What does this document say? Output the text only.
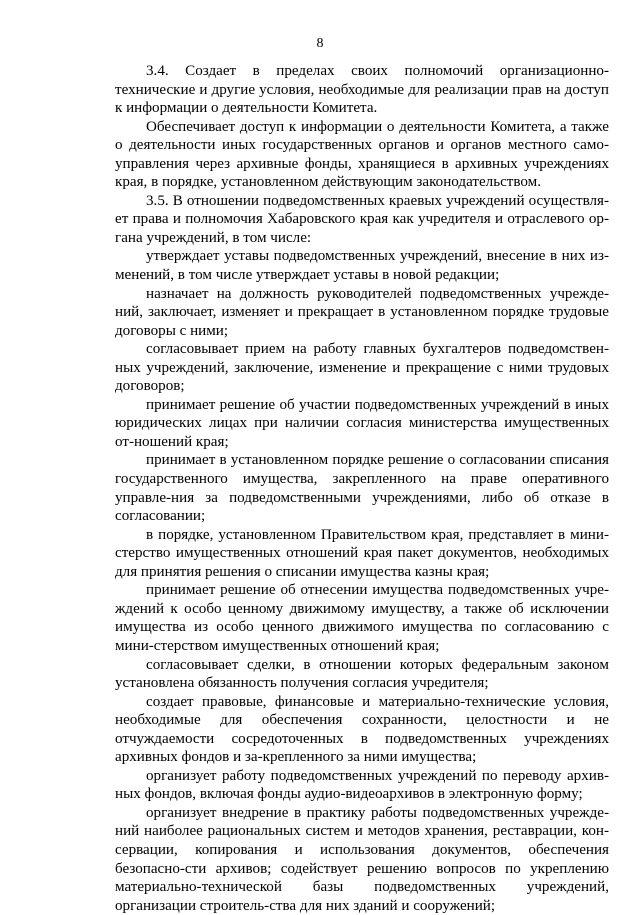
8

3.4. Создает в пределах своих полномочий организационно-технические и другие условия, необходимые для реализации прав на доступ к информации о деятельности Комитета.

Обеспечивает доступ к информации о деятельности Комитета, а также о деятельности иных государственных органов и органов местного само-управления через архивные фонды, хранящиеся в архивных учреждениях края, в порядке, установленном действующим законодательством.

3.5. В отношении подведомственных краевых учреждений осуществля-ет права и полномочия Хабаровского края как учредителя и отраслевого ор-гана учреждений, в том числе:

утверждает уставы подведомственных учреждений, внесение в них из-менений, в том числе утверждает уставы в новой редакции;

назначает на должность руководителей подведомственных учрежде-ний, заключает, изменяет и прекращает в установленном порядке трудовые договоры с ними;

согласовывает прием на работу главных бухгалтеров подведомствен-ных учреждений, заключение, изменение и прекращение с ними трудовых договоров;

принимает решение об участии подведомственных учреждений в иных юридических лицах при наличии согласия министерства имущественных от-ношений края;

принимает в установленном порядке решение о согласовании списания государственного имущества, закрепленного на праве оперативного управле-ния за подведомственными учреждениями, либо об отказе в согласовании;

в порядке, установленном Правительством края, представляет в мини-стерство имущественных отношений края пакет документов, необходимых для принятия решения о списании имущества казны края;

принимает решение об отнесении имущества подведомственных учре-ждений к особо ценному движимому имуществу, а также об исключении имущества из особо ценного движимого имущества по согласованию с мини-стерством имущественных отношений края;

согласовывает сделки, в отношении которых федеральным законом установлена обязанность получения согласия учредителя;

создает правовые, финансовые и материально-технические условия, необходимые для обеспечения сохранности, целостности и не отчуждаемости сосредоточенных в подведомственных учреждениях архивных фондов и за-крепленного за ними имущества;

организует работу подведомственных учреждений по переводу архив-ных фондов, включая фонды аудио-видеоархивов в электронную форму;

организует внедрение в практику работы подведомственных учрежде-ний наиболее рациональных систем и методов хранения, реставрации, кон-сервации, копирования и использования документов, обеспечения безопасно-сти архивов; содействует решению вопросов по укреплению материально-технической базы подведомственных учреждений, организации строитель-ства для них зданий и сооружений;
